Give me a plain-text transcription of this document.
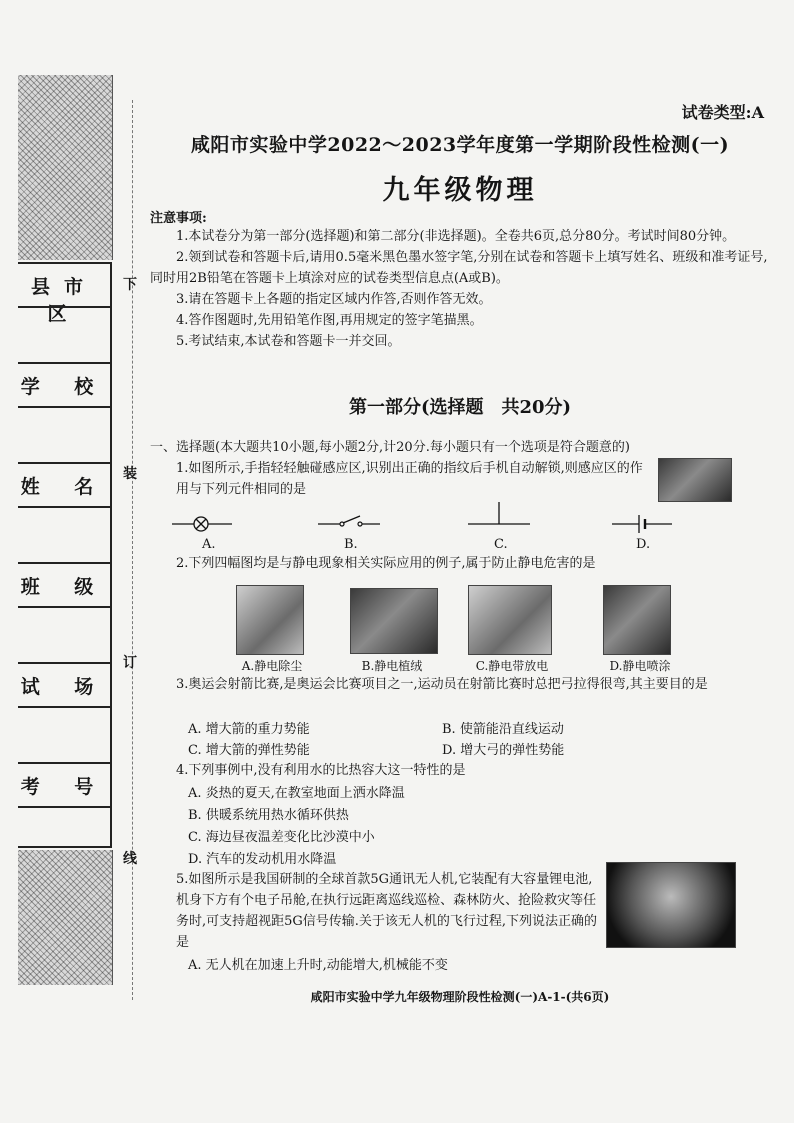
县市区
学 校
姓 名
班 级
试 场
考 号
下
装
订
线
试卷类型:A
咸阳市实验中学2022～2023学年度第一学期阶段性检测(一)
九年级物理
注意事项:

1.本试卷分为第一部分(选择题)和第二部分(非选择题)。全卷共6页,总分80分。考试时间80分钟。

2.领到试卷和答题卡后,请用0.5毫米黑色墨水签字笔,分别在试卷和答题卡上填写姓名、班级和准考证号,同时用2B铅笔在答题卡上填涂对应的试卷类型信息点(A或B)。

3.请在答题卡上各题的指定区域内作答,否则作答无效。

4.答作图题时,先用铅笔作图,再用规定的签字笔描黑。

5.考试结束,本试卷和答题卡一并交回。

第一部分(选择题　共20分)
一、选择题(本大题共10小题,每小题2分,计20分.每小题只有一个选项是符合题意的)
1.如图所示,手指轻轻触碰感应区,识别出正确的指纹后手机自动解锁,则感应区的作用与下列元件相同的是
A.	B.	C.	D.
2.下列四幅图均是与静电现象相关实际应用的例子,属于防止静电危害的是
A.静电除尘	B.静电植绒	C.静电带放电	D.静电喷涂
3.奥运会射箭比赛,是奥运会比赛项目之一,运动员在射箭比赛时总把弓拉得很弯,其主要目的是
A. 增大箭的重力势能	B. 使箭能沿直线运动
C. 增大箭的弹性势能	D. 增大弓的弹性势能
4.下列事例中,没有利用水的比热容大这一特性的是
A. 炎热的夏天,在教室地面上洒水降温
B. 供暖系统用热水循环供热
C. 海边昼夜温差变化比沙漠中小
D. 汽车的发动机用水降温
5.如图所示是我国研制的全球首款5G通讯无人机,它装配有大容量锂电池,机身下方有个电子吊舱,在执行远距离巡线巡检、森林防火、抢险救灾等任务时,可支持超视距5G信号传输.关于该无人机的飞行过程,下列说法正确的是
A. 无人机在加速上升时,动能增大,机械能不变
咸阳市实验中学九年级物理阶段性检测(一)A-1-(共6页)
